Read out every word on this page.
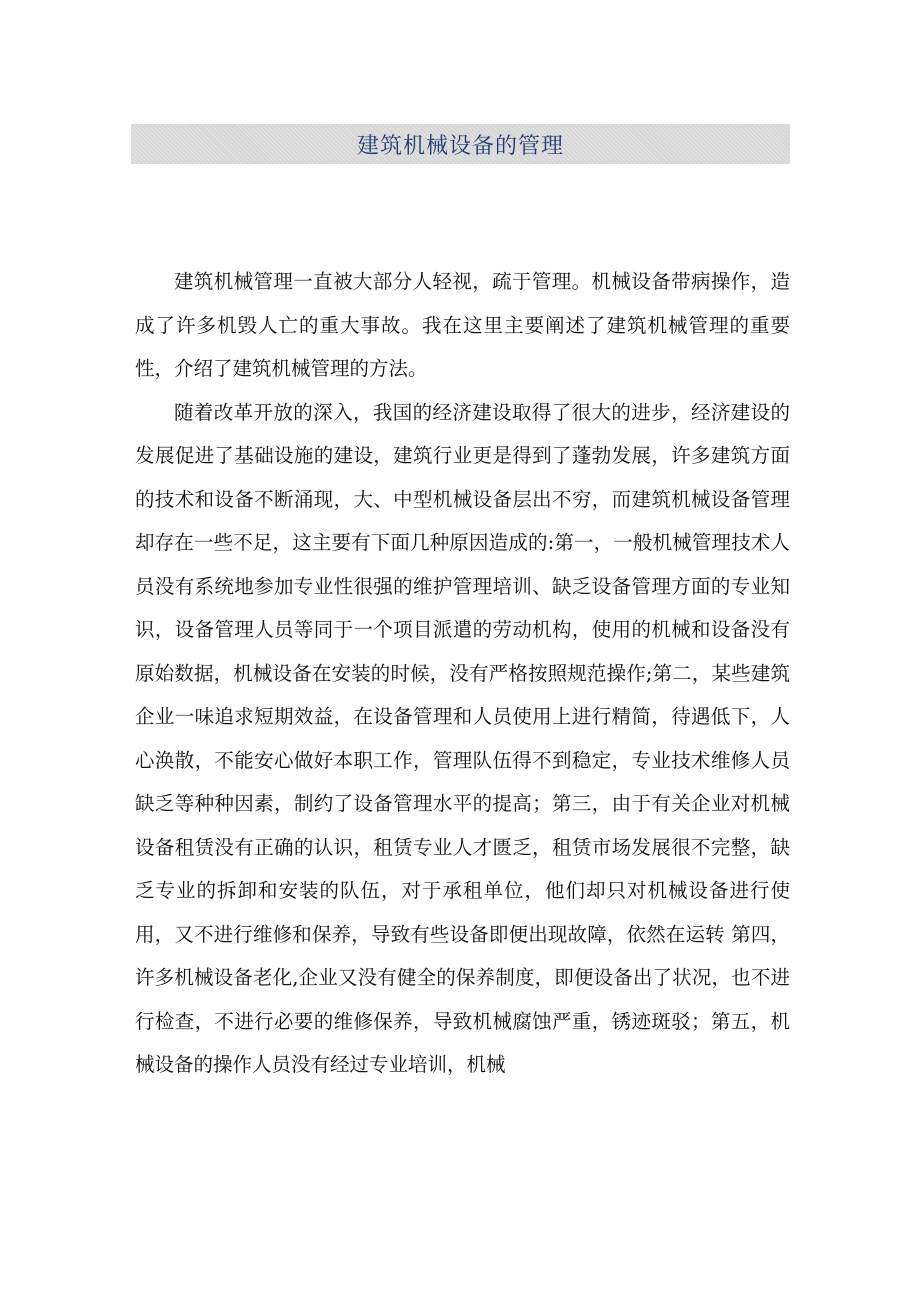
建筑机械设备的管理

建筑机械管理一直被大部分人轻视，疏于管理。机械设备带病操作，造成了许多机毁人亡的重大事故。我在这里主要阐述了建筑机械管理的重要性，介绍了建筑机械管理的方法。

随着改革开放的深入，我国的经济建设取得了很大的进步，经济建设的发展促进了基础设施的建设，建筑行业更是得到了蓬勃发展，许多建筑方面的技术和设备不断涌现，大、中型机械设备层出不穷，而建筑机械设备管理却存在一些不足，这主要有下面几种原因造成的:第一，一般机械管理技术人员没有系统地参加专业性很强的维护管理培训、缺乏设备管理方面的专业知识，设备管理人员等同于一个项目派遣的劳动机构，使用的机械和设备没有原始数据，机械设备在安装的时候，没有严格按照规范操作;第二，某些建筑企业一味追求短期效益，在设备管理和人员使用上进行精简，待遇低下，人心涣散，不能安心做好本职工作，管理队伍得不到稳定，专业技术维修人员缺乏等种种因素，制约了设备管理水平的提高；第三，由于有关企业对机械设备租赁没有正确的认识，租赁专业人才匮乏，租赁市场发展很不完整，缺乏专业的拆卸和安装的队伍，对于承租单位，他们却只对机械设备进行使用，又不进行维修和保养，导致有些设备即便出现故障，依然在运转 第四，许多机械设备老化,企业又没有健全的保养制度，即便设备出了状况，也不进行检查，不进行必要的维修保养，导致机械腐蚀严重，锈迹斑驳；第五，机械设备的操作人员没有经过专业培训，机械
